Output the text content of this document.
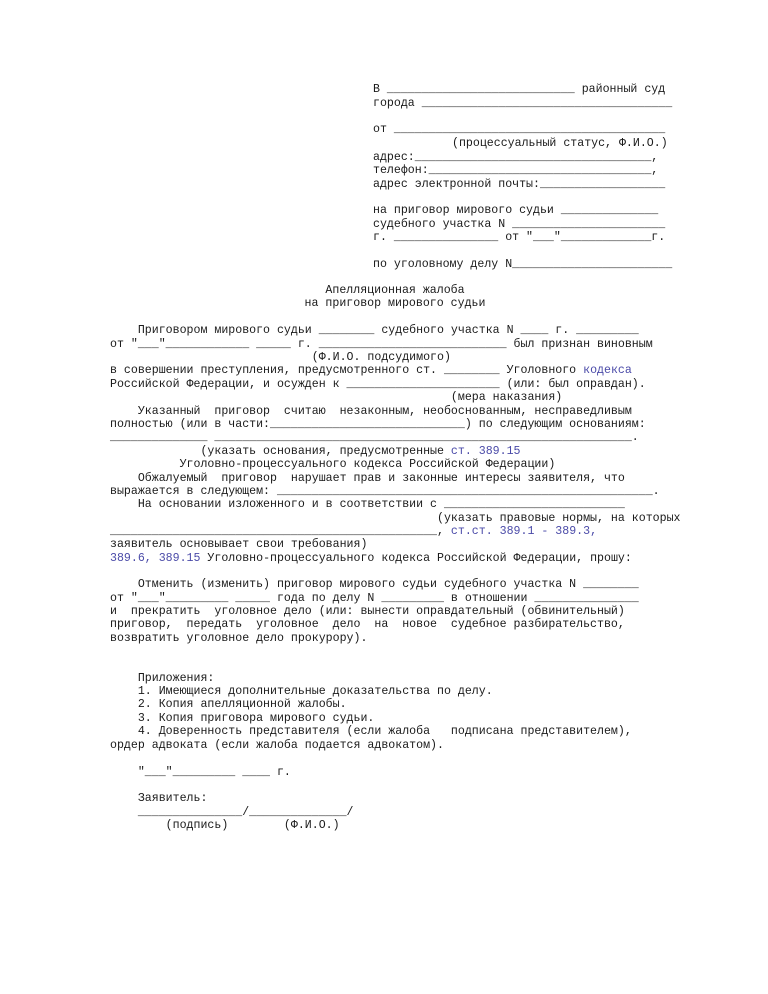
В ___________________________ районный суд
города ____________________________________
от _______________________________________
(процессуальный статус, Ф.И.О.)
адрес:__________________________________,
телефон:________________________________,
адрес электронной почты:__________________
на приговор мирового судьи ______________
судебного участка N ______________________
г. _______________ от "___"_____________г.
по уголовному делу N_______________________
Апелляционная жалоба
на приговор мирового судьи
Приговором мирового судьи ________ судебного участка N ____ г. _________
от "___"____________ _____ г. ___________________________ был признан виновным
(Ф.И.О. подсудимого)
в совершении преступления, предусмотренного ст. ________ Уголовного кодекса
Российской Федерации, и осужден к ______________________ (или: был оправдан).
(мера наказания)
Указанный  приговор  считаю  незаконным, необоснованным, несправедливым
полностью (или в части:____________________________) по следующим основаниям:
______________ ____________________________________________________________.
(указать основания, предусмотренные ст. 389.15
Уголовно-процессуального кодекса Российской Федерации)
Обжалуемый  приговор  нарушает прав и законные интересы заявителя, что
выражается в следующем: ______________________________________________________.
На основании изложенного и в соответствии с __________________________
(указать правовые нормы, на которых
_______________________________________________, ст.ст. 389.1 - 389.3,
заявитель основывает свои требования)
389.6, 389.15 Уголовно-процессуального кодекса Российской Федерации, прошу:
Отменить (изменить) приговор мирового судьи судебного участка N ________
от "___"_________ _____ года по делу N _________ в отношении _______________
и  прекратить  уголовное дело (или: вынести оправдательный (обвинительный)
приговор,  передать  уголовное  дело  на  новое  судебное разбирательство,
возвратить уголовное дело прокурору).
Приложения:
1. Имеющиеся дополнительные доказательства по делу.
2. Копия апелляционной жалобы.
3. Копия приговора мирового судьи.
4. Доверенность представителя (если жалоба   подписана представителем),
ордер адвоката (если жалоба подается адвокатом).
"___"_________ ____ г.
Заявитель:
_______________/______________/
(подпись)        (Ф.И.О.)
